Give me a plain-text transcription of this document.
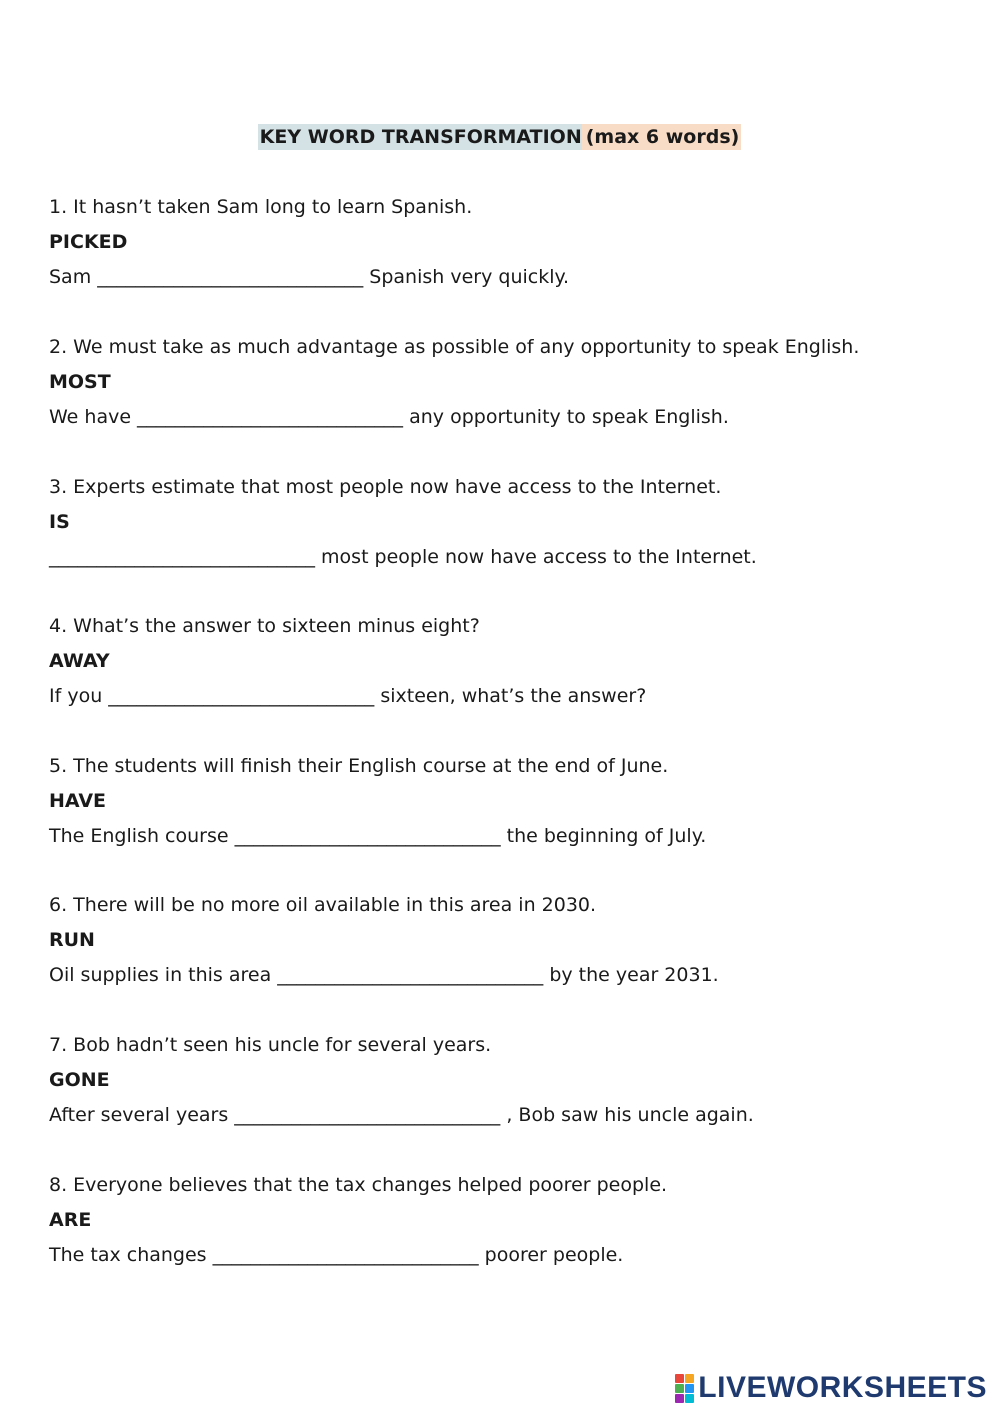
KEY WORD TRANSFORMATION (max 6 words)
1. It hasn’t taken Sam long to learn Spanish.
PICKED
Sam ____________________________ Spanish very quickly.
2. We must take as much advantage as possible of any opportunity to speak English.
MOST
We have ____________________________ any opportunity to speak English.
3. Experts estimate that most people now have access to the Internet.
IS
____________________________ most people now have access to the Internet.
4. What’s the answer to sixteen minus eight?
AWAY
If you ____________________________ sixteen, what’s the answer?
5. The students will finish their English course at the end of June.
HAVE
The English course ____________________________ the beginning of July.
6. There will be no more oil available in this area in 2030.
RUN
Oil supplies in this area ____________________________ by the year 2031.
7. Bob hadn’t seen his uncle for several years.
GONE
After several years ____________________________ , Bob saw his uncle again.
8. Everyone believes that the tax changes helped poorer people.
ARE
The tax changes ____________________________ poorer people.
LIVEWORKSHEETS
